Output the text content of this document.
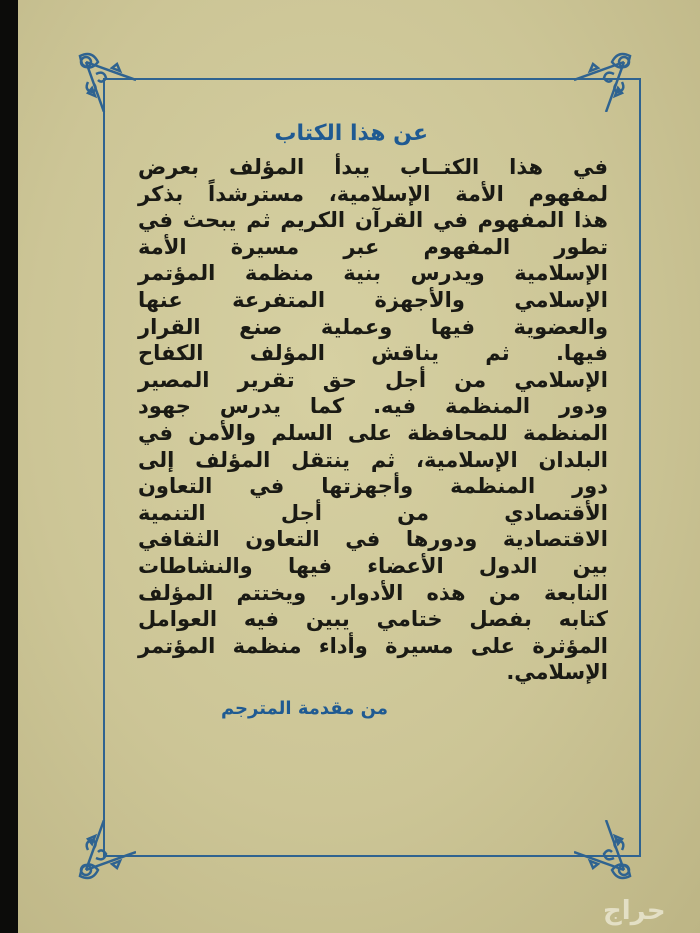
عن هذا الكتاب
في هذا الكتــاب يبدأ المؤلف بعرض
لمفهوم الأمة الإسلامية، مسترشداً بذكر
هذا المفهوم في القرآن الكريم ثم يبحث في
تطور المفهوم عبر مسيرة الأمة
الإسلامية ويدرس بنية منظمة المؤتمر
الإسلامي والأجهزة المتفرعة عنها
والعضوية فيها وعملية صنع القرار
فيها. ثم يناقش المؤلف الكفاح
الإسلامي من أجل حق تقرير المصير
ودور المنظمة فيه. كما يدرس جهود
المنظمة للمحافظة على السلم والأمن في
البلدان الإسلامية، ثم ينتقل المؤلف إلى
دور المنظمة وأجهزتها في التعاون
الأقتصادي من أجل التنمية
الاقتصادية ودورها في التعاون الثقافي
بين الدول الأعضاء فيها والنشاطات
النابعة من هذه الأدوار. ويختتم المؤلف
كتابه بفصل ختامي يبين فيه العوامل
المؤثرة على مسيرة وأداء منظمة المؤتمر
الإسلامي.
من مقدمة المترجم
حراج
